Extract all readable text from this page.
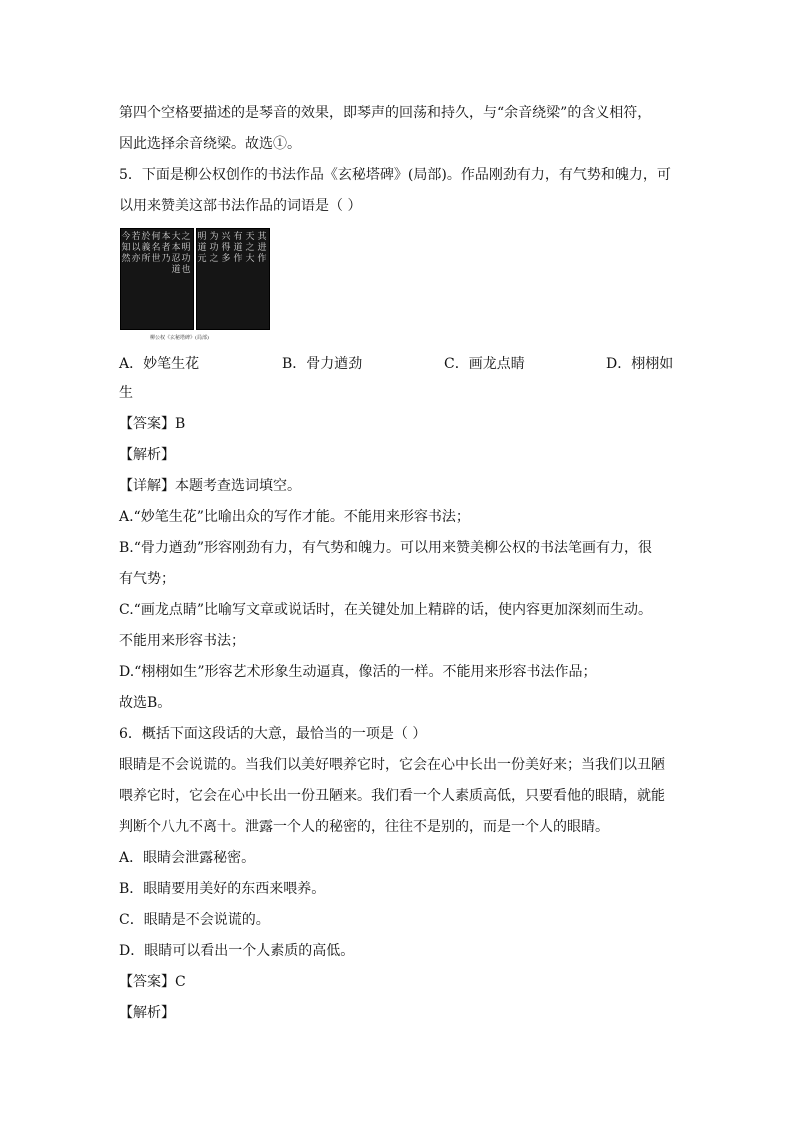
第四个空格要描述的是琴音的效果，即琴声的回荡和持久，与“余音绕梁”的含义相符，
因此选择余音绕梁。故选①。
5．下面是柳公权创作的书法作品《玄秘塔碑》(局部)。作品刚劲有力，有气势和魄力，可
以用来赞美这部书法作品的词语是（ ）
之明功也
大本忍道
本者乃
何名世
於義所
若以亦
今知然
其进作
天之大
有道作
兴得多
为功之
明道元
柳公权《玄秘塔碑》(局部)
A．妙笔生花	B．骨力遒劲	C．画龙点睛	D．栩栩如
生
【答案】B
【解析】
【详解】本题考查选词填空。
A.“妙笔生花”比喻出众的写作才能。不能用来形容书法；
B.“骨力遒劲”形容刚劲有力，有气势和魄力。可以用来赞美柳公权的书法笔画有力，很
有气势；
C.“画龙点睛”比喻写文章或说话时，在关键处加上精辟的话，使内容更加深刻而生动。
不能用来形容书法；
D.“栩栩如生”形容艺术形象生动逼真，像活的一样。不能用来形容书法作品；
故选B。
6．概括下面这段话的大意，最恰当的一项是（ ）
眼睛是不会说谎的。当我们以美好喂养它时，它会在心中长出一份美好来；当我们以丑陋
喂养它时，它会在心中长出一份丑陋来。我们看一个人素质高低，只要看他的眼睛，就能
判断个八九不离十。泄露一个人的秘密的，往往不是别的，而是一个人的眼睛。
A．眼睛会泄露秘密。
B．眼睛要用美好的东西来喂养。
C．眼睛是不会说谎的。
D．眼睛可以看出一个人素质的高低。
【答案】C
【解析】
